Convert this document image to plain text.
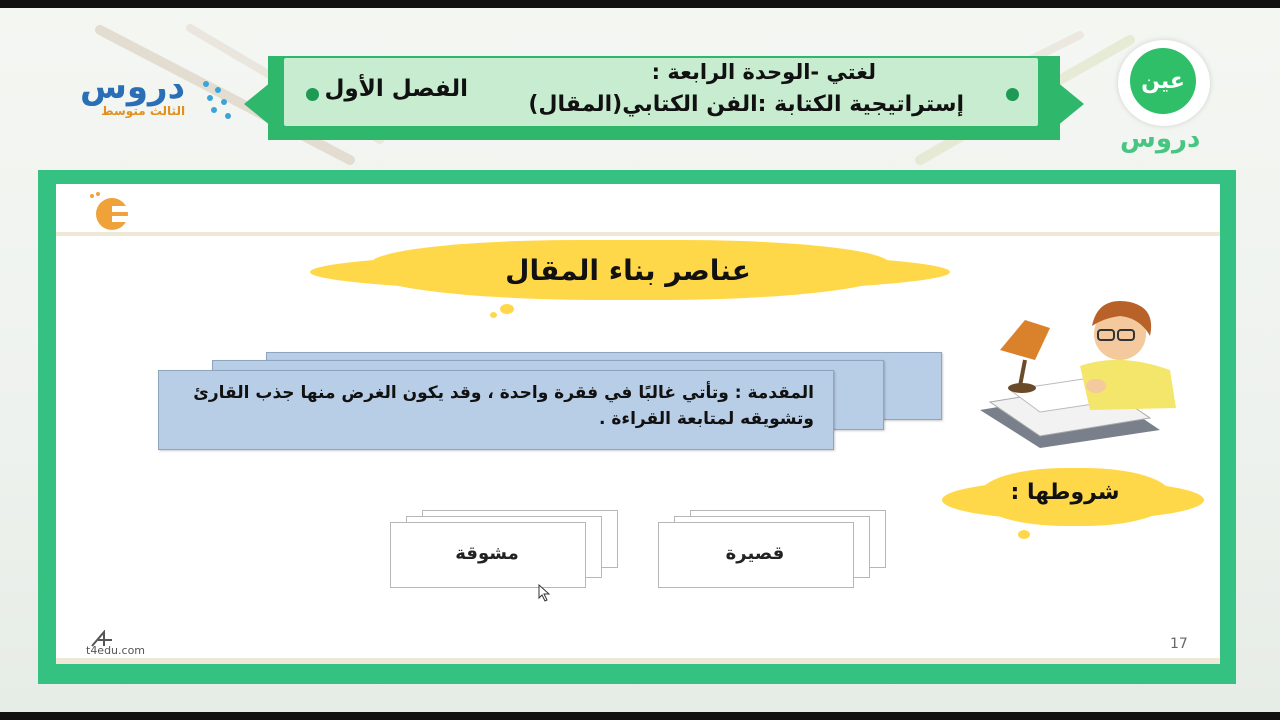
دروس
الثالث متوسط
عين
دروس
لغتي -الوحدة الرابعة :
إستراتيجية الكتابة :الفن الكتابي(المقال)
الفصل الأول
عناصر بناء المقال
المقدمة : وتأتي غالبًا في فقرة واحدة ، وقد يكون الغرض منها جذب القارئ وتشويقه لمتابعة القراءة .
شروطها :
قصيرة
مشوقة
t4edu.com	17
